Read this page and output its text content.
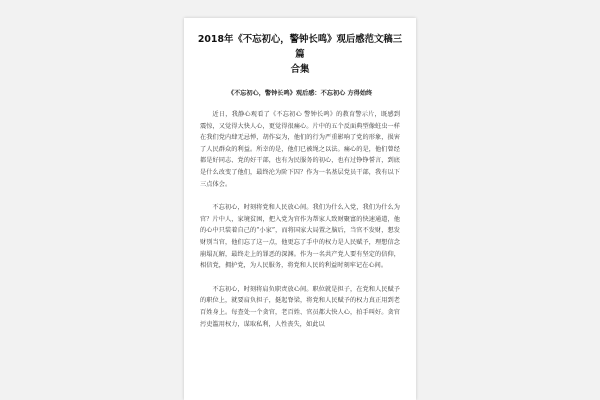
2018年《不忘初心，警钟长鸣》观后感范文稿三篇
合集
《不忘初心，警钟长鸣》观后感：不忘初心 方得始终

近日，我静心观看了《不忘初心 警钟长鸣》的教育警示片，既感到震惊，又觉得大快人心，更觉得很痛心。片中的五个反面典型像蛀虫一样在我们党内肆无忌惮，胡作妄为，他们的行为严重影响了党的形象，损害了人民群众的利益。所幸的是，他们已被绳之以法。痛心的是，他们曾经都是好同志、党的好干部，也有为民服务的初心，也有过铮铮誓言，到底是什么改变了他们，最终沦为阶下囚？作为一名基层党员干部，我有以下三点体会。

不忘初心，时刻将党和人民放心间。我们为什么入党，我们为什么为官？片中人，家境贫困，把入党为官作为帮家人致财聚富的快速通道，他的心中只装着自己的“小家”，而将国家大局置之脑后，当官不发财，想发财别当官，他们忘了这一点，他更忘了手中的权力是人民赋予，理想信念崩塌瓦解，最终走上的罪恶的深渊。作为一名共产党人要有坚定的信仰，相信党，拥护党，为人民服务，将党和人民的利益时刻牢记在心间。

不忘初心，时刻将肩负职责放心间。职位就是担子，在党和人民赋予的职位上，就要肩负担子，挺起脊梁，将党和人民赋予的权力真正用到老百姓身上。每查处一个贪官，老百姓、官员都大快人心，拍手叫好。贪官污吏滥用权力，谋取私利，人性丧失，如此以
